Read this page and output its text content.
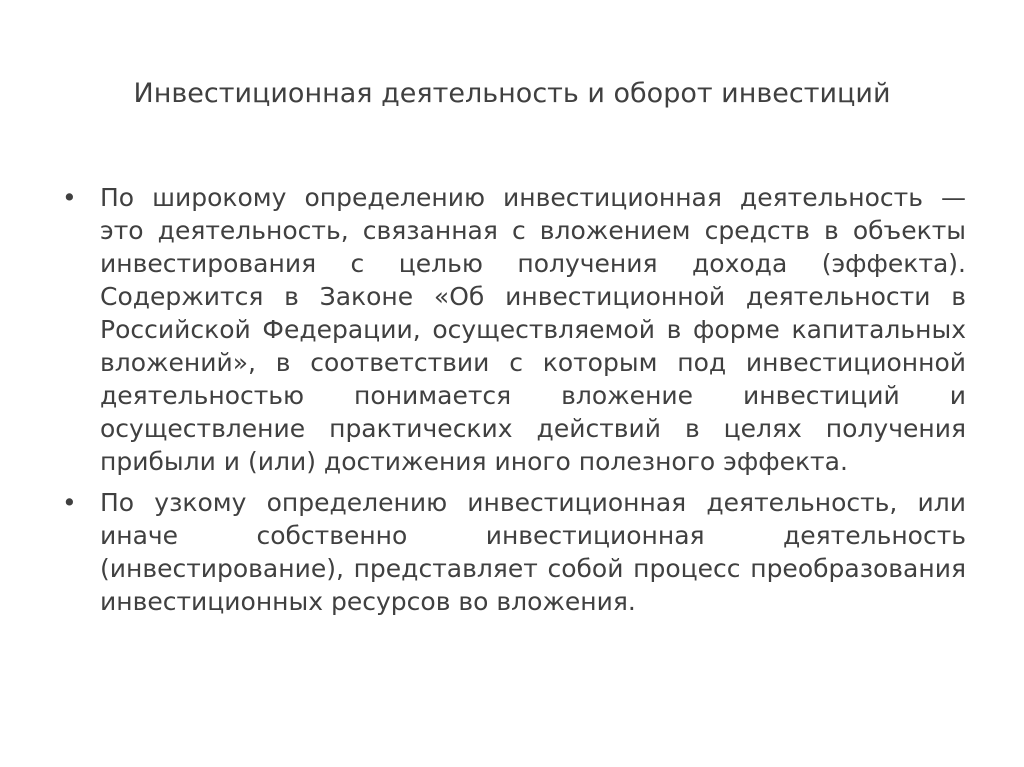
Инвестиционная деятельность и оборот инвестиций
• По широкому определению инвестиционная деятельность — это деятельность, связанная с вложением средств в объекты инвестирования с целью получения дохода (эффекта). Содержится в Законе «Об инвестиционной деятельности в Российской Федерации, осуществляемой в форме капитальных вложений», в соответствии с которым под инвестиционной деятельностью понимается вложение инвестиций и осуществление практических действий в целях получения прибыли и (или) достижения иного полезного эффекта.
• По узкому определению инвестиционная деятельность, или иначе собственно инвестиционная деятельность (инвестирование), представляет собой процесс преобразования инвестиционных ресурсов во вложения.
